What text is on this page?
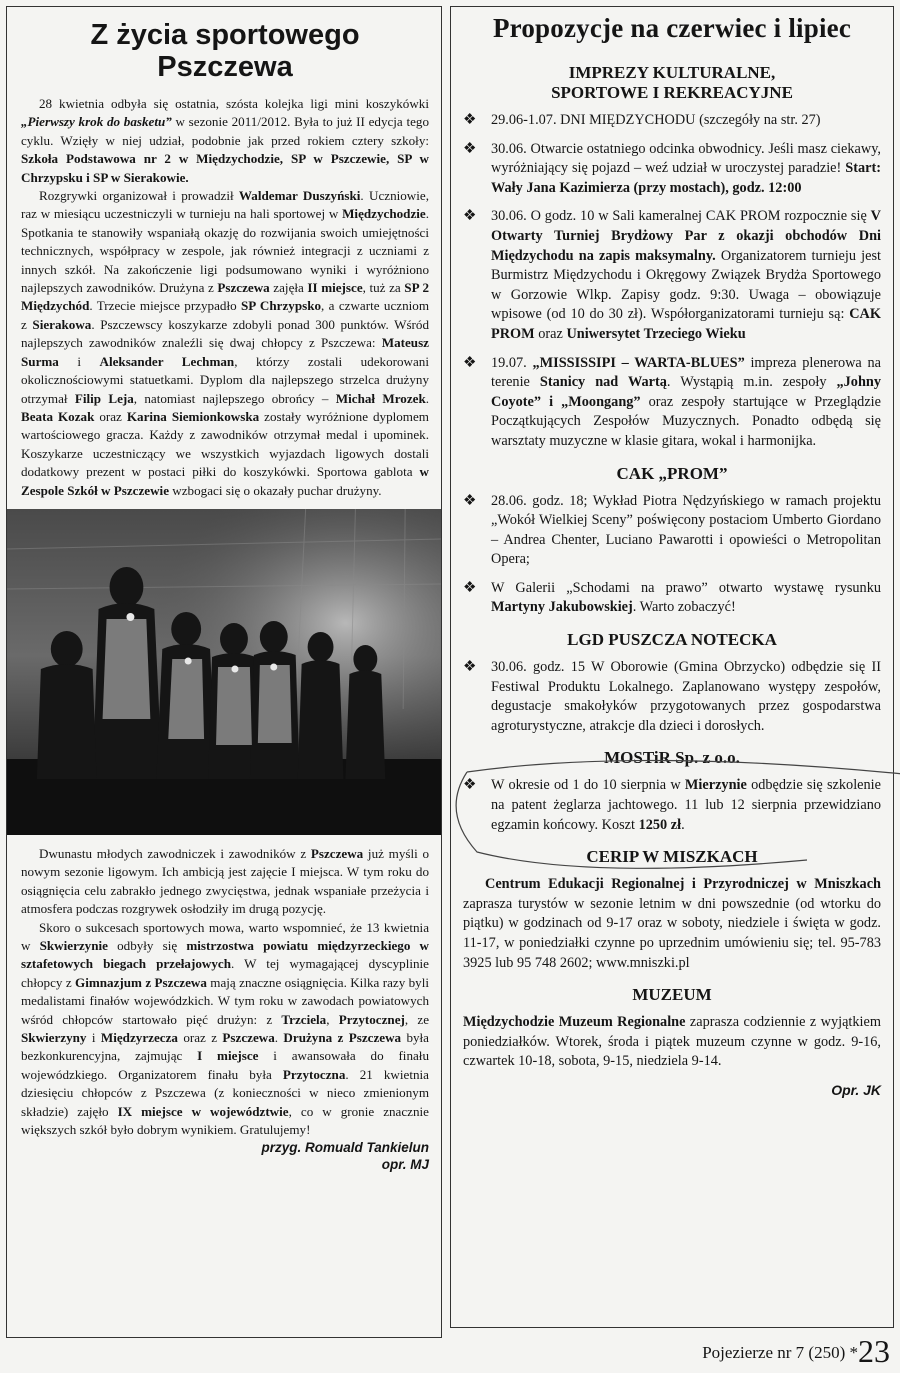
Z życia sportowego
Pszczewa

28 kwietnia odbyła się ostatnia, szósta kolejka ligi mini koszykówki „Pierwszy krok do basketu” w sezonie 2011/2012. Była to już II edycja tego cyklu. Wzięły w niej udział, podobnie jak przed rokiem cztery szkoły: Szkoła Podstawowa nr 2 w Międzychodzie, SP w Pszczewie, SP w Chrzypsku i SP w Sierakowie.

Rozgrywki organizował i prowadził Waldemar Duszyński. Uczniowie, raz w miesiącu uczestniczyli w turnieju na hali sportowej w Międzychodzie. Spotkania te stanowiły wspaniałą okazję do rozwijania swoich umiejętności technicznych, współpracy w zespole, jak również integracji z uczniami z innych szkół. Na zakończenie ligi podsumowano wyniki i wyróżniono najlepszych zawodników. Drużyna z Pszczewa zajęła II miejsce, tuż za SP 2 Międzychód. Trzecie miejsce przypadło SP Chrzypsko, a czwarte uczniom z Sierakowa. Pszczewscy koszykarze zdobyli ponad 300 punktów. Wśród najlepszych zawodników znaleźli się dwaj chłopcy z Pszczewa: Mateusz Surma i Aleksander Lechman, którzy zostali udekorowani okolicznościowymi statuetkami. Dyplom dla najlepszego strzelca drużyny otrzymał Filip Leja, natomiast najlepszego obrońcy – Michał Mrozek. Beata Kozak oraz Karina Siemionkowska zostały wyróżnione dyplomem wartościowego gracza. Każdy z zawodników otrzymał medal i upominek. Koszykarze uczestniczący we wszystkich wyjazdach ligowych dostali dodatkowy prezent w postaci piłki do koszykówki. Sportowa gablota w Zespole Szkół w Pszczewie wzbogaci się o okazały puchar drużyny.

Dwunastu młodych zawodniczek i zawodników z Pszczewa już myśli o nowym sezonie ligowym. Ich ambicją jest zajęcie I miejsca. W tym roku do osiągnięcia celu zabrakło jednego zwycięstwa, jednak wspaniałe przeżycia i atmosfera podczas rozgrywek osłodziły im drugą pozycję.

Skoro o sukcesach sportowych mowa, warto wspomnieć, że 13 kwietnia w Skwierzynie odbyły się mistrzostwa powiatu międzyrzeckiego w sztafetowych biegach przełajowych. W tej wymagającej dyscyplinie chłopcy z Gimnazjum z Pszczewa mają znaczne osiągnięcia. Kilka razy byli medalistami finałów wojewódzkich. W tym roku w zawodach powiatowych wśród chłopców startowało pięć drużyn: z Trzciela, Przytocznej, ze Skwierzyny i Międzyrzecza oraz z Pszczewa. Drużyna z Pszczewa była bezkonkurencyjna, zajmując I miejsce i awansowała do finału wojewódzkiego. Organizatorem finału była Przytoczna. 21 kwietnia dziesięciu chłopców z Pszczewa (z konieczności w nieco zmienionym składzie) zajęło IX miejsce w województwie, co w gronie znacznie większych szkół było dobrym wynikiem. Gratulujemy!

przyg. Romuald Tankielun

opr. MJ

Propozycje na czerwiec i lipiec
IMPREZY KULTURALNE,
SPORTOWE I REKREACYJNE
❖	29.06-1.07. DNI MIĘDZYCHODU (szczegóły na str. 27)
❖	30.06. Otwarcie ostatniego odcinka obwodnicy. Jeśli masz ciekawy, wyróżniający się pojazd – weź udział w uroczystej paradzie! Start: Wały Jana Kazimierza (przy mostach), godz. 12:00
❖	30.06. O godz. 10 w Sali kameralnej CAK PROM rozpocznie się V Otwarty Turniej Brydżowy Par z okazji obchodów Dni Międzychodu na zapis maksymalny. Organizatorem turnieju jest Burmistrz Międzychodu i Okręgowy Związek Brydża Sportowego w Gorzowie Wlkp. Zapisy godz. 9:30. Uwaga – obowiązuje wpisowe (od 10 do 30 zł). Współorganizatorami turnieju są: CAK PROM oraz Uniwersytet Trzeciego Wieku
❖	19.07. „MISSISSIPI – WARTA-BLUES” impreza plenerowa na terenie Stanicy nad Wartą. Wystąpią m.in. zespoły „Johny Coyote” i „Moongang” oraz zespoły startujące w Przeglądzie Początkujących Zespołów Muzycznych. Ponadto odbędą się warsztaty muzyczne w klasie gitara, wokal i harmonijka.
CAK „PROM”
❖	28.06. godz. 18; Wykład Piotra Nędzyńskiego w ramach projektu „Wokół Wielkiej Sceny” poświęcony postaciom Umberto Giordano – Andrea Chenter, Luciano Pawarotti i opowieści o Metropolitan Opera;
❖	W Galerii „Schodami na prawo” otwarto wystawę rysunku Martyny Jakubowskiej. Warto zobaczyć!
LGD PUSZCZA NOTECKA
❖	30.06. godz. 15 W Oborowie (Gmina Obrzycko) odbędzie się II Festiwal Produktu Lokalnego. Zaplanowano występy zespołów, degustacje smakołyków przygotowanych przez gospodarstwa agroturystyczne, atrakcje dla dzieci i dorosłych.
MOSTiR Sp. z o.o.
❖	W okresie od 1 do 10 sierpnia w Mierzynie odbędzie się szkolenie na patent żeglarza jachtowego. 11 lub 12 sierpnia przewidziano egzamin końcowy. Koszt 1250 zł.
CERIP W MISZKACH

Centrum Edukacji Regionalnej i Przyrodniczej w Mniszkach zaprasza turystów w sezonie letnim w dni powszednie (od wtorku do piątku) w godzinach od 9-17 oraz w soboty, niedziele i święta w godz. 11-17, w poniedziałki czynne po uprzednim umówieniu się; tel. 95-783 3925 lub 95 748 2602; www.mniszki.pl

MUZEUM

Międzychodzie Muzeum Regionalne zaprasza codziennie z wyjątkiem poniedziałków. Wtorek, środa i piątek muzeum czynne w godz. 9-16, czwartek 10-18, sobota, 9-15, niedziela 9-14.

Opr. JK

Pojezierze nr 7 (250) *23
